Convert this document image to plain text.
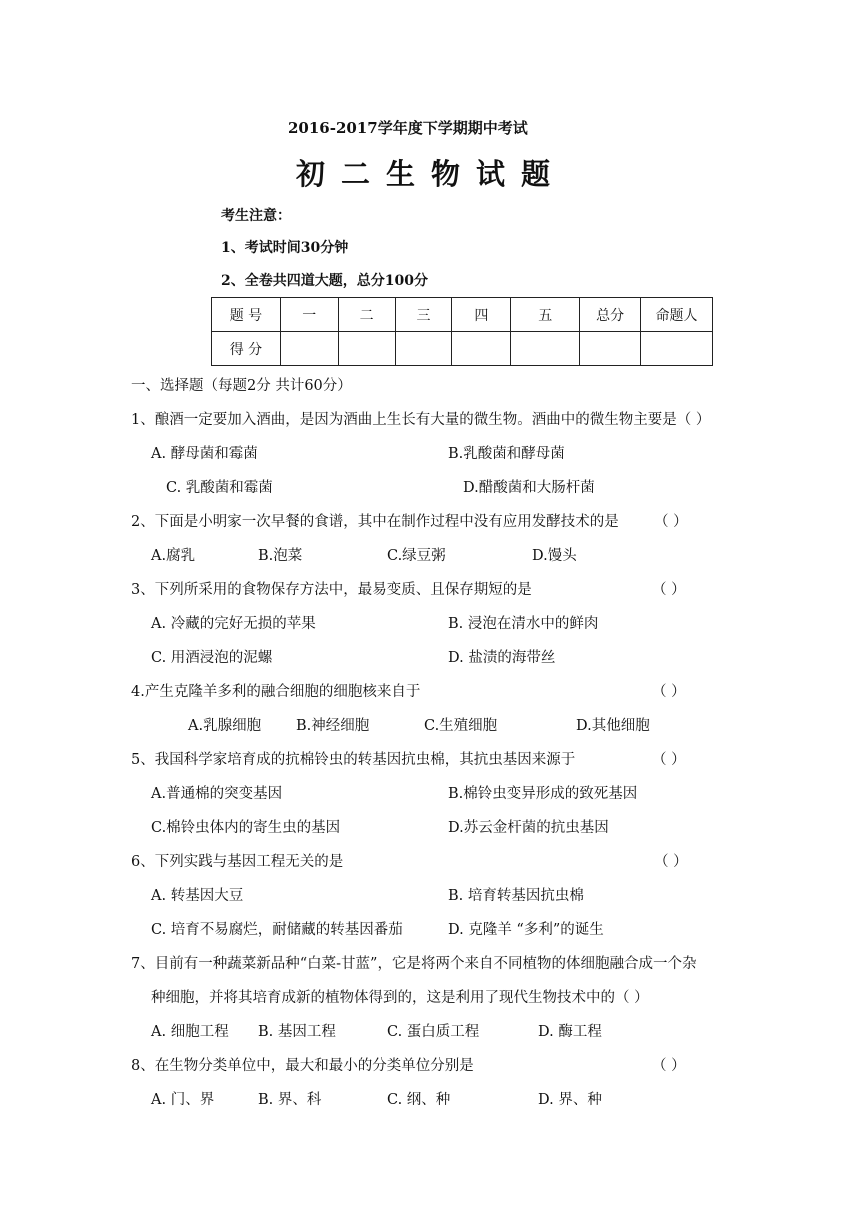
2016-2017学年度下学期期中考试
初二生物试题
考生注意：
1、考试时间30分钟
2、全卷共四道大题，总分100分
题 号	一	二	三	四	五	总分	命题人
得 分							
一、选择题（每题2分 共计60分）
1、酿酒一定要加入酒曲，是因为酒曲上生长有大量的微生物。酒曲中的微生物主要是（ ）
A. 酵母菌和霉菌	B.乳酸菌和酵母菌
C. 乳酸菌和霉菌	D.醋酸菌和大肠杆菌
2、下面是小明家一次早餐的食谱，其中在制作过程中没有应用发酵技术的是 （ ）
A.腐乳	B.泡菜	C.绿豆粥	D.馒头
3、下列所采用的食物保存方法中，最易变质、且保存期短的是	（ ）
A. 冷藏的完好无损的苹果	B. 浸泡在清水中的鲜肉
C. 用酒浸泡的泥螺	D. 盐渍的海带丝
4.产生克隆羊多利的融合细胞的细胞核来自于	（ ）
A.乳腺细胞 B.神经细胞	C.生殖细胞	D.其他细胞
5、我国科学家培育成的抗棉铃虫的转基因抗虫棉，其抗虫基因来源于	（ ）
A.普通棉的突变基因	B.棉铃虫变异形成的致死基因
C.棉铃虫体内的寄生虫的基因	D.苏云金杆菌的抗虫基因
6、下列实践与基因工程无关的是	（ ）
A. 转基因大豆	B. 培育转基因抗虫棉
C. 培育不易腐烂，耐储藏的转基因番茄	D. 克隆羊 “多利”的诞生
7、目前有一种蔬菜新品种“白菜-甘蓝”，它是将两个来自不同植物的体细胞融合成一个杂
种细胞，并将其培育成新的植物体得到的，这是利用了现代生物技术中的（ ）
A. 细胞工程 B. 基因工程	C. 蛋白质工程	D. 酶工程
8、在生物分类单位中，最大和最小的分类单位分别是	（ ）
A. 门、界	B. 界、科	C. 纲、种	D. 界、种
